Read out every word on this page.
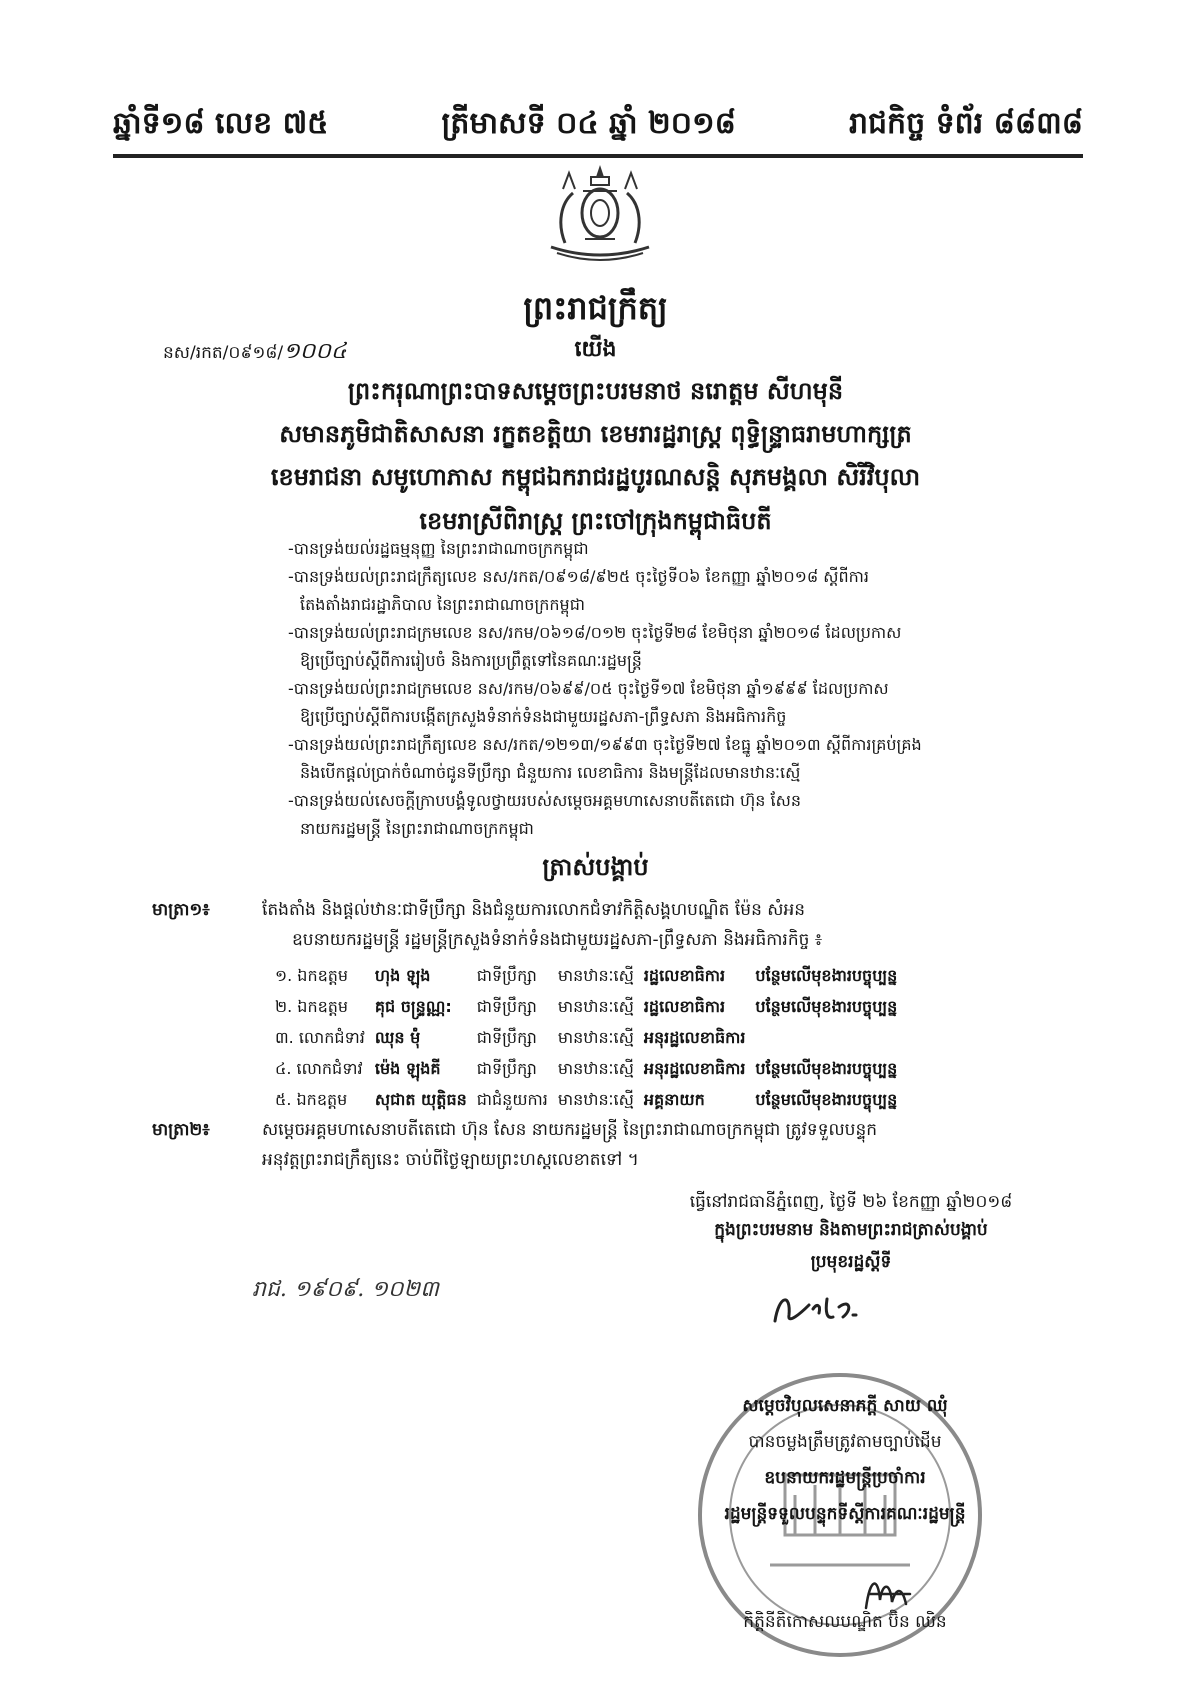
ឆ្នាំទី១៨ លេខ ៧៥	ត្រីមាសទី ០៤ ឆ្នាំ ២០១៨	រាជកិច្ច ទំព័រ ៨៨៣៨
ព្រះរាជក្រឹត្យ
នស/រកត/០៩១៨/១០០៤	យើង
ព្រះករុណាព្រះបាទសម្តេចព្រះបរមនាថ នរោត្តម សីហមុនី
សមានភូមិជាតិសាសនា រក្ខតខត្តិយា ខេមរារដ្ឋរាស្ត្រ ពុទ្ធិន្ទ្រាធរាមហាក្សត្រ
ខេមរាជនា សមូហោភាស កម្ពុជឯករាជរដ្ឋបូរណសន្តិ សុភមង្គលា សិរីវិបុលា
ខេមរាស្រីពិរាស្ត្រ ព្រះចៅក្រុងកម្ពុជាធិបតី
-បានទ្រង់យល់រដ្ឋធម្មនុញ្ញ នៃព្រះរាជាណាចក្រកម្ពុជា
-បានទ្រង់យល់ព្រះរាជក្រឹត្យលេខ នស/រកត/០៩១៨/៩២៥ ចុះថ្ងៃទី០៦ ខែកញ្ញា ឆ្នាំ២០១៨ ស្តីពីការ
តែងតាំងរាជរដ្ឋាភិបាល នៃព្រះរាជាណាចក្រកម្ពុជា
-បានទ្រង់យល់ព្រះរាជក្រមលេខ នស/រកម/០៦១៨/០១២ ចុះថ្ងៃទី២៨ ខែមិថុនា ឆ្នាំ២០១៨ ដែលប្រកាស
ឱ្យប្រើច្បាប់ស្តីពីការរៀបចំ និងការប្រព្រឹត្តទៅនៃគណៈរដ្ឋមន្ត្រី
-បានទ្រង់យល់ព្រះរាជក្រមលេខ នស/រកម/០៦៩៩/០៥ ចុះថ្ងៃទី១៧ ខែមិថុនា ឆ្នាំ១៩៩៩ ដែលប្រកាស
ឱ្យប្រើច្បាប់ស្តីពីការបង្កើតក្រសួងទំនាក់ទំនងជាមួយរដ្ឋសភា-ព្រឹទ្ធសភា និងអធិការកិច្ច
-បានទ្រង់យល់ព្រះរាជក្រឹត្យលេខ នស/រកត/១២១៣/១៩៩៣ ចុះថ្ងៃទី២៧ ខែធ្នូ ឆ្នាំ២០១៣ ស្តីពីការគ្រប់គ្រង
និងបើកផ្តល់ប្រាក់ចំណាច់ជូនទីប្រឹក្សា ជំនួយការ លេខាធិការ និងមន្ត្រីដែលមានឋានៈស្មើ
-បានទ្រង់យល់សេចក្តីក្រាបបង្គំទូលថ្វាយរបស់សម្តេចអគ្គមហាសេនាបតីតេជោ ហ៊ុន សែន
នាយករដ្ឋមន្ត្រី នៃព្រះរាជាណាចក្រកម្ពុជា
ត្រាស់បង្គាប់
មាត្រា១៖	តែងតាំង និងផ្តល់ឋានៈជាទីប្រឹក្សា និងជំនួយការលោកជំទាវកិត្តិសង្គហបណ្ឌិត ម៉ែន សំអន
ឧបនាយករដ្ឋមន្ត្រី រដ្ឋមន្ត្រីក្រសួងទំនាក់ទំនងជាមួយរដ្ឋសភា-ព្រឹទ្ធសភា និងអធិការកិច្ច ៖
១. ឯកឧត្តម	ហុង ឡុង	ជាទីប្រឹក្សា	មានឋានៈស្មើ	រដ្ឋលេខាធិការ	បន្ថែមលើមុខងារបច្ចុប្បន្ន
២. ឯកឧត្តម	គុជ ចន្ទ្រណ្ណ:	ជាទីប្រឹក្សា	មានឋានៈស្មើ	រដ្ឋលេខាធិការ	បន្ថែមលើមុខងារបច្ចុប្បន្ន
៣. លោកជំទាវ	ឈុន ម៉ុំ	ជាទីប្រឹក្សា	មានឋានៈស្មើ	អនុរដ្ឋលេខាធិការ	
៤. លោកជំទាវ	ម៉េង ឡុងគី	ជាទីប្រឹក្សា	មានឋានៈស្មើ	អនុរដ្ឋលេខាធិការ	បន្ថែមលើមុខងារបច្ចុប្បន្ន
៥. ឯកឧត្តម	សុជាត យុត្តិធន	ជាជំនួយការ	មានឋានៈស្មើ	អគ្គនាយក	បន្ថែមលើមុខងារបច្ចុប្បន្ន
មាត្រា២៖	សម្តេចអគ្គមហាសេនាបតីតេជោ ហ៊ុន សែន នាយករដ្ឋមន្ត្រី នៃព្រះរាជាណាចក្រកម្ពុជា ត្រូវទទួលបន្ទុក
អនុវត្តព្រះរាជក្រឹត្យនេះ ចាប់ពីថ្ងៃឡាយព្រះហស្តលេខាតទៅ ។
ធ្វើនៅរាជធានីភ្នំពេញ, ថ្ងៃទី ២៦ ខែកញ្ញា ឆ្នាំ២០១៨
ក្នុងព្រះបរមនាម និងតាមព្រះរាជត្រាស់បង្គាប់
ប្រមុខរដ្ឋស្តីទី
រាជ. ១៩០៩. ១០២៣
សម្តេចវិបុលសេនាភក្តី សាយ ឈុំ
បានចម្លងត្រឹមត្រូវតាមច្បាប់ដើម
ឧបនាយករដ្ឋមន្ត្រីប្រចាំការ
រដ្ឋមន្ត្រីទទួលបន្ទុកទីស្តីការគណៈរដ្ឋមន្ត្រី
កិត្តិនីតិកោសលបណ្ឌិត ប៊ិន ឈិន
